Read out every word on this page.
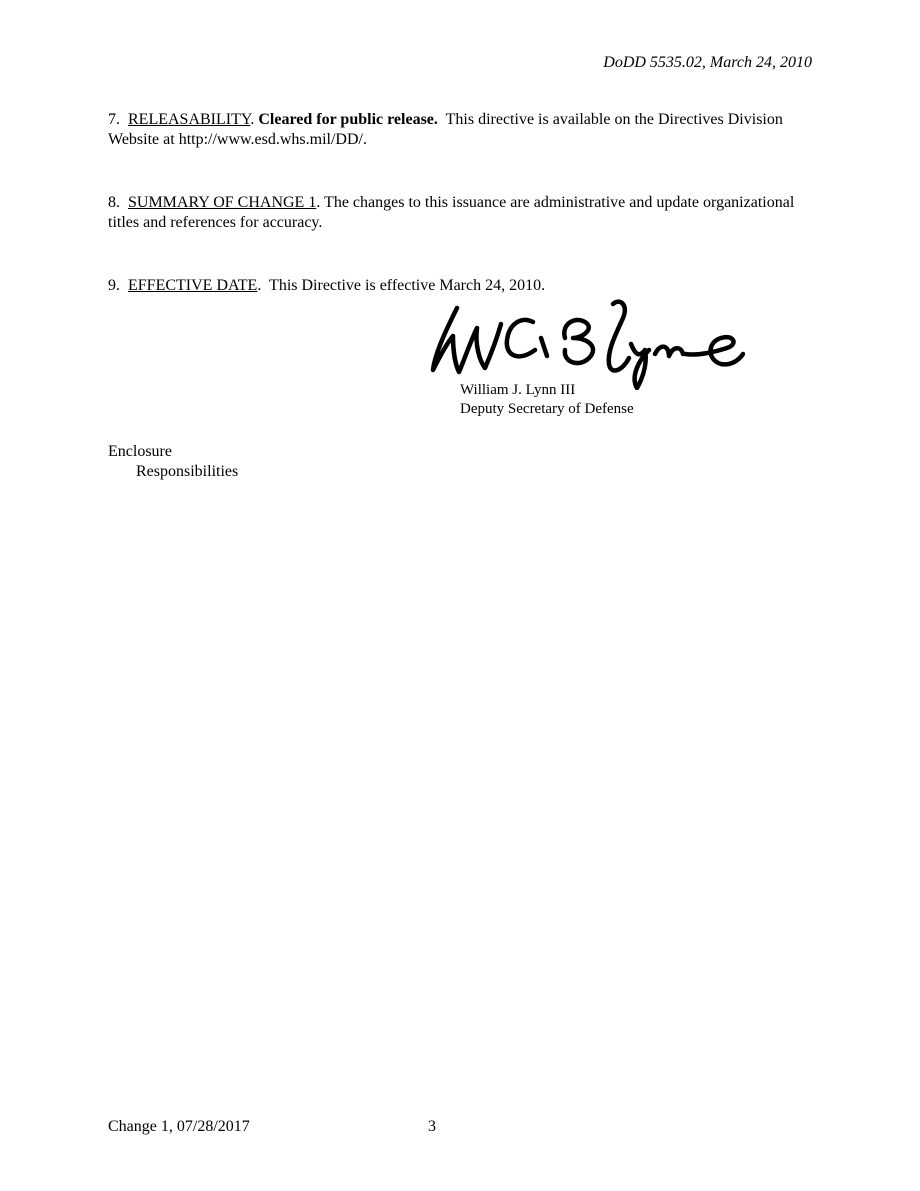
DoDD 5535.02, March 24, 2010
7. RELEASABILITY. Cleared for public release. This directive is available on the Directives Division Website at http://www.esd.whs.mil/DD/.
8. SUMMARY OF CHANGE 1. The changes to this issuance are administrative and update organizational titles and references for accuracy.
9. EFFECTIVE DATE.  This Directive is effective March 24, 2010.
William J. Lynn III
Deputy Secretary of Defense
Enclosure
Responsibilities
Change 1, 07/28/2017	3
